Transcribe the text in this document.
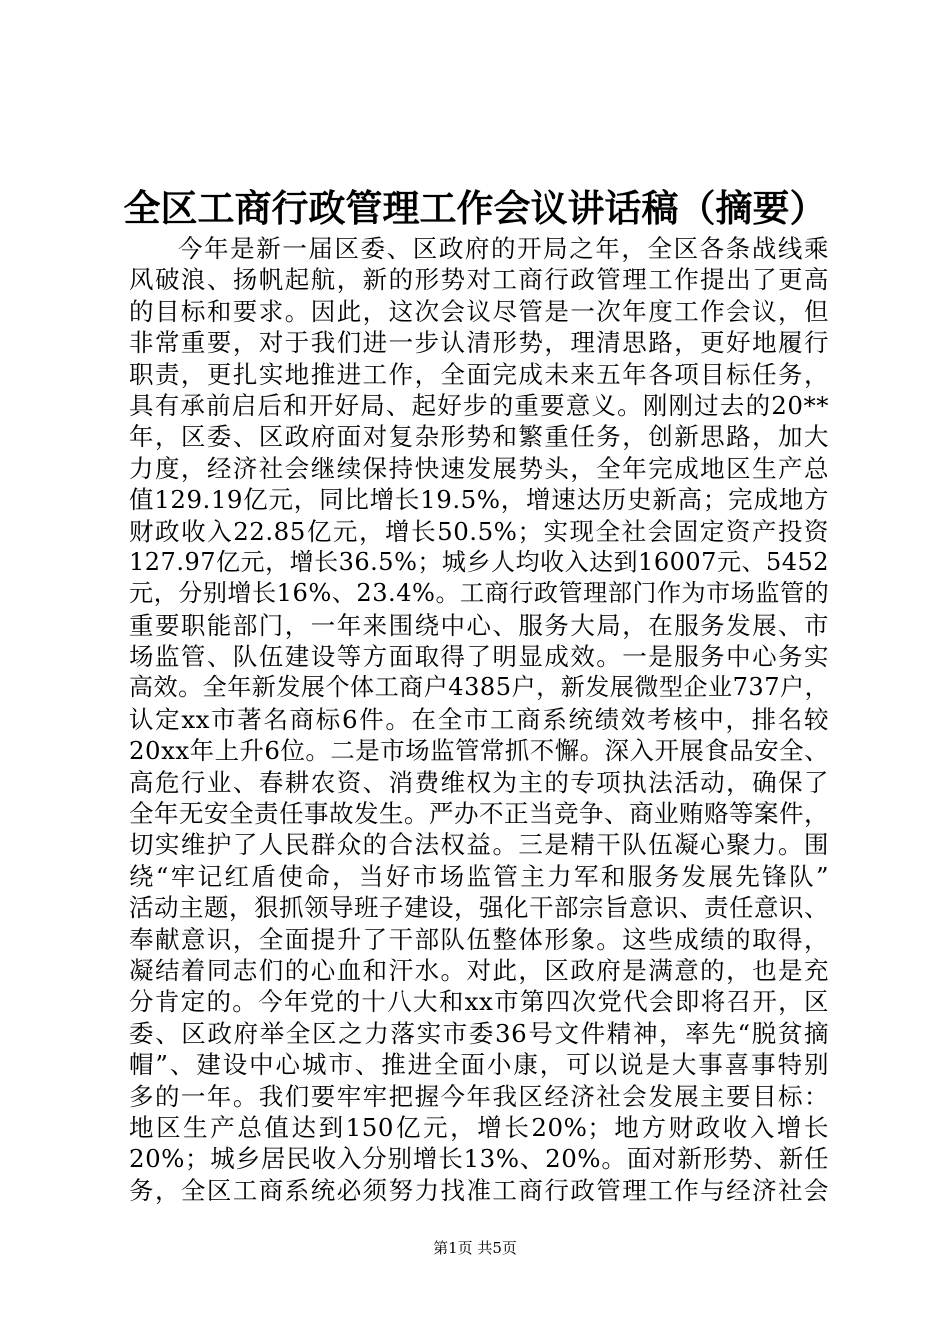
全区工商行政管理工作会议讲话稿（摘要）
今年是新一届区委、区政府的开局之年，全区各条战线乘
风破浪、扬帆起航，新的形势对工商行政管理工作提出了更高
的目标和要求。因此，这次会议尽管是一次年度工作会议，但
非常重要，对于我们进一步认清形势，理清思路，更好地履行
职责，更扎实地推进工作，全面完成未来五年各项目标任务，
具有承前启后和开好局、起好步的重要意义。刚刚过去的20**
年，区委、区政府面对复杂形势和繁重任务，创新思路，加大
力度，经济社会继续保持快速发展势头，全年完成地区生产总
值129.19亿元，同比增长19.5%，增速达历史新高；完成地方
财政收入22.85亿元，增长50.5%；实现全社会固定资产投资
127.97亿元，增长36.5%；城乡人均收入达到16007元、5452
元，分别增长16%、23.4%。工商行政管理部门作为市场监管的
重要职能部门，一年来围绕中心、服务大局，在服务发展、市
场监管、队伍建设等方面取得了明显成效。一是服务中心务实
高效。全年新发展个体工商户4385户，新发展微型企业737户，
认定xx市著名商标6件。在全市工商系统绩效考核中，排名较
20xx年上升6位。二是市场监管常抓不懈。深入开展食品安全、
高危行业、春耕农资、消费维权为主的专项执法活动，确保了
全年无安全责任事故发生。严办不正当竞争、商业贿赂等案件，
切实维护了人民群众的合法权益。三是精干队伍凝心聚力。围
绕“牢记红盾使命，当好市场监管主力军和服务发展先锋队”
活动主题，狠抓领导班子建设，强化干部宗旨意识、责任意识、
奉献意识，全面提升了干部队伍整体形象。这些成绩的取得，
凝结着同志们的心血和汗水。对此，区政府是满意的，也是充
分肯定的。今年党的十八大和xx市第四次党代会即将召开，区
委、区政府举全区之力落实市委36号文件精神，率先“脱贫摘
帽”、建设中心城市、推进全面小康，可以说是大事喜事特别
多的一年。我们要牢牢把握今年我区经济社会发展主要目标：
地区生产总值达到150亿元，增长20%；地方财政收入增长
20%；城乡居民收入分别增长13%、20%。面对新形势、新任
务，全区工商系统必须努力找准工商行政管理工作与经济社会
第1页 共5页
